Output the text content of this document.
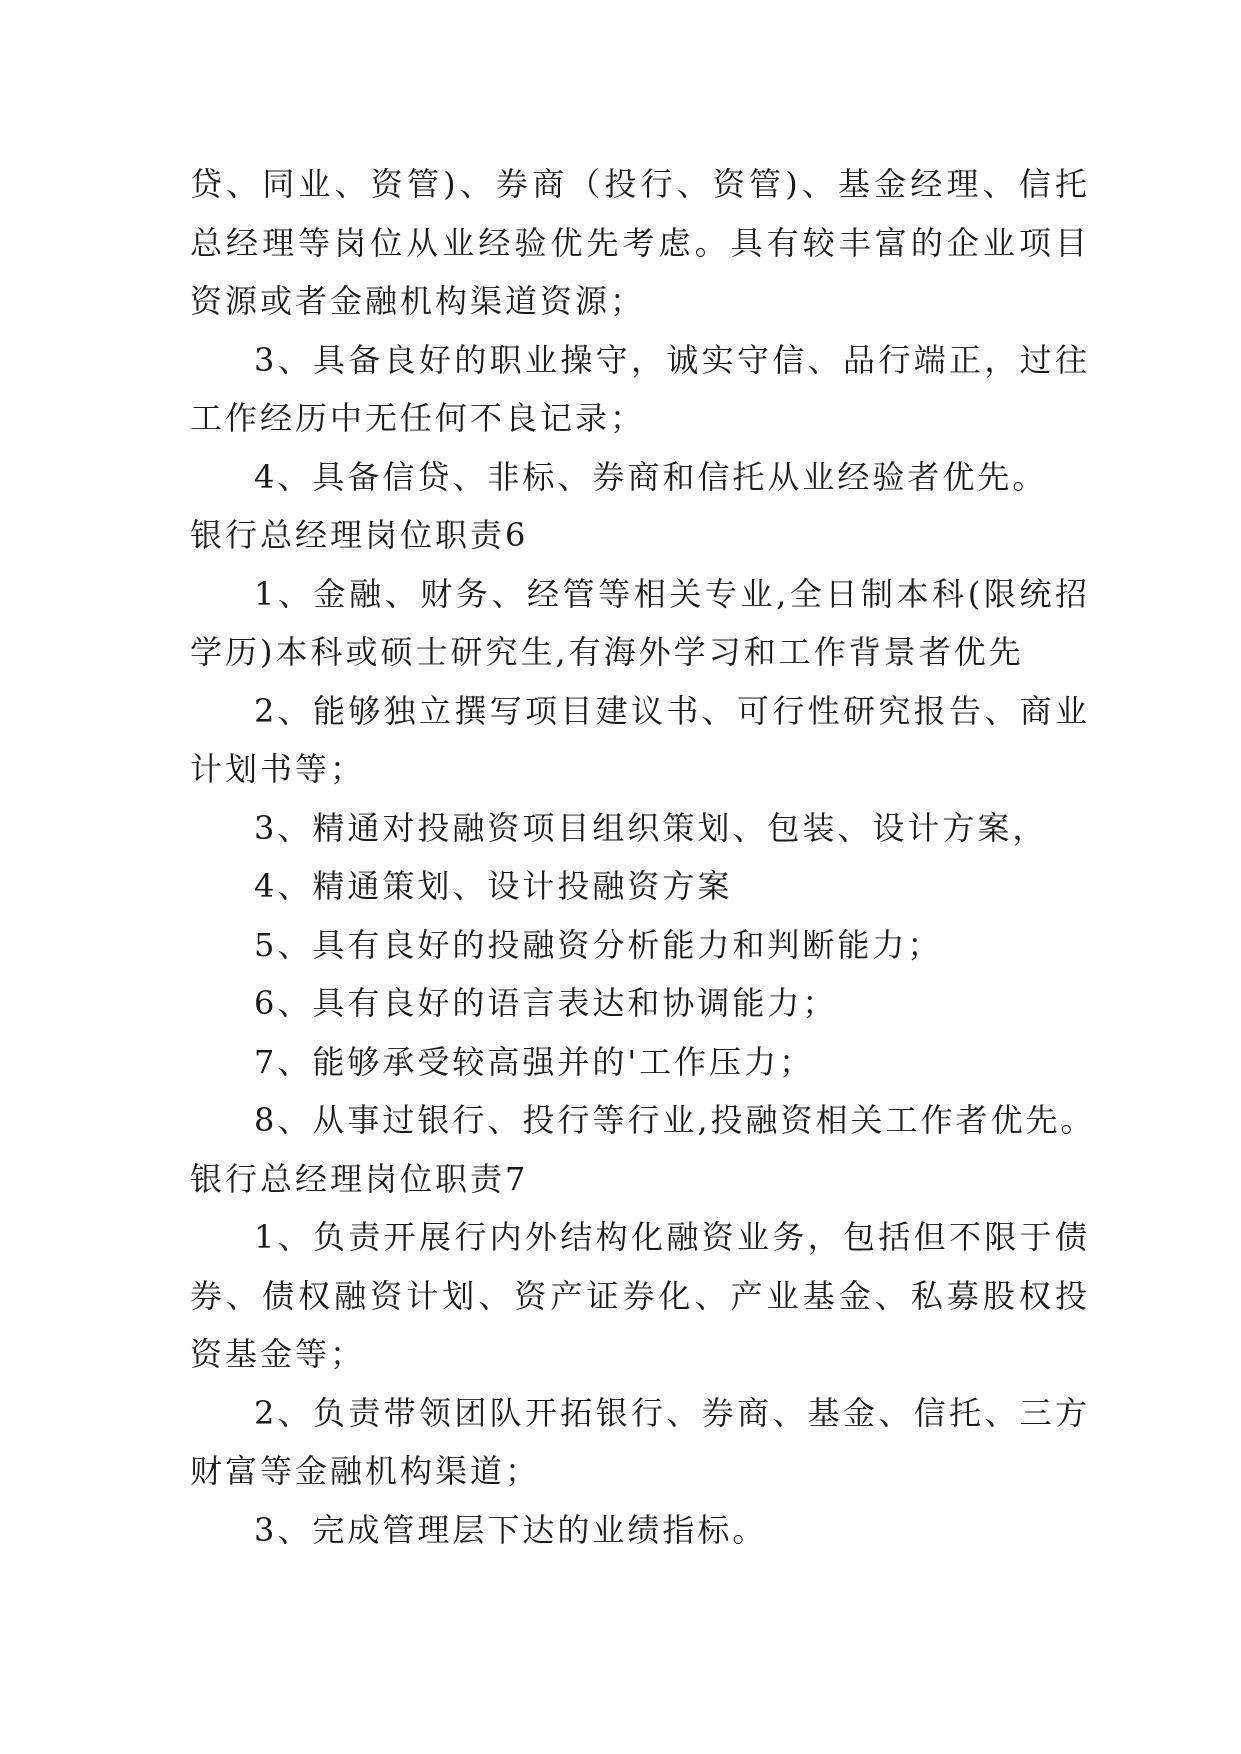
贷、同业、资管)、券商（投行、资管)、基金经理、信托总经理等岗位从业经验优先考虑。具有较丰富的企业项目资源或者金融机构渠道资源；

3、具备良好的职业操守，诚实守信、品行端正，过往工作经历中无任何不良记录；

4、具备信贷、非标、券商和信托从业经验者优先。

银行总经理岗位职责6

1、金融、财务、经管等相关专业,全日制本科(限统招学历)本科或硕士研究生,有海外学习和工作背景者优先

2、能够独立撰写项目建议书、可行性研究报告、商业计划书等；

3、精通对投融资项目组织策划、包装、设计方案，

4、精通策划、设计投融资方案

5、具有良好的投融资分析能力和判断能力；

6、具有良好的语言表达和协调能力；

7、能够承受较高强并的'工作压力；

8、从事过银行、投行等行业,投融资相关工作者优先。

银行总经理岗位职责7

1、负责开展行内外结构化融资业务，包括但不限于债券、债权融资计划、资产证券化、产业基金、私募股权投资基金等；

2、负责带领团队开拓银行、券商、基金、信托、三方财富等金融机构渠道；

3、完成管理层下达的业绩指标。
